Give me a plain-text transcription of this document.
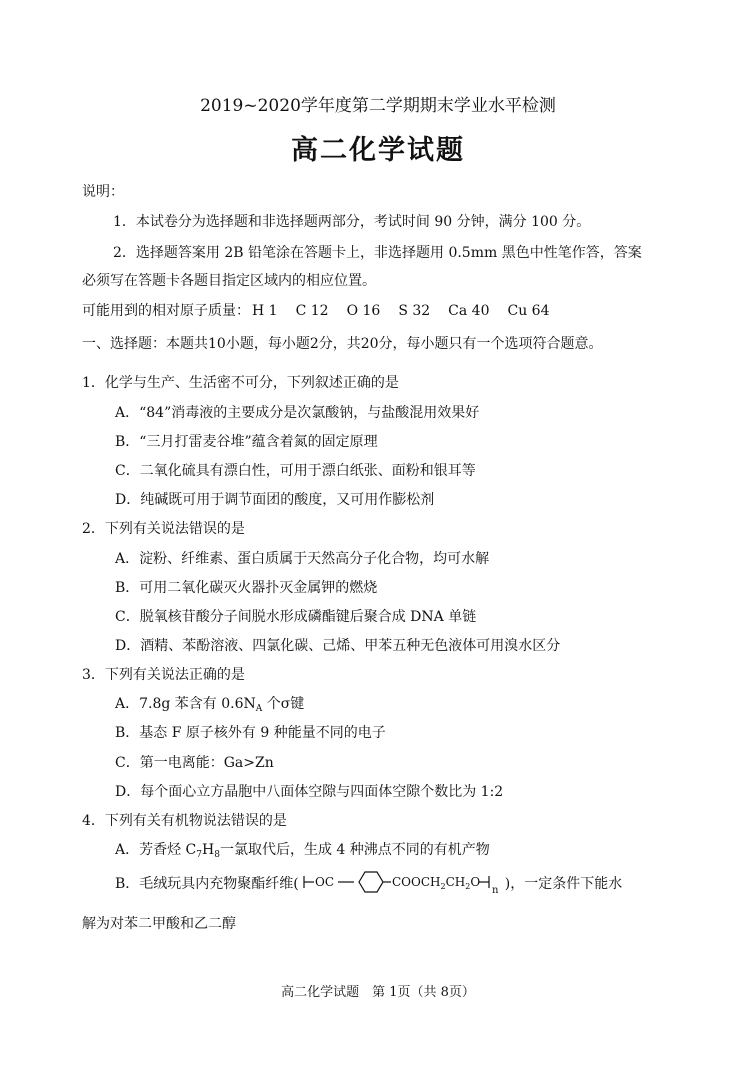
2019~2020学年度第二学期期末学业水平检测
高二化学试题
说明：
1．本试卷分为选择题和非选择题两部分，考试时间 90 分钟，满分 100 分。
2．选择题答案用 2B 铅笔涂在答题卡上，非选择题用 0.5mm 黑色中性笔作答，答案
必须写在答题卡各题目指定区域内的相应位置。
可能用到的相对原子质量： H 1 C 12 O 16 S 32 Ca 40 Cu 64
一、选择题：本题共10小题，每小题2分，共20分，每小题只有一个选项符合题意。
1．化学与生产、生活密不可分，下列叙述正确的是
A．“84”消毒液的主要成分是次氯酸钠，与盐酸混用效果好
B．“三月打雷麦谷堆”蕴含着氮的固定原理
C．二氧化硫具有漂白性，可用于漂白纸张、面粉和银耳等
D．纯碱既可用于调节面团的酸度，又可用作膨松剂
2．下列有关说法错误的是
A．淀粉、纤维素、蛋白质属于天然高分子化合物，均可水解
B．可用二氧化碳灭火器扑灭金属钾的燃烧
C．脱氧核苷酸分子间脱水形成磷酯键后聚合成 DNA 单链
D．酒精、苯酚溶液、四氯化碳、己烯、甲苯五种无色液体可用溴水区分
3．下列有关说法正确的是
A．7.8g 苯含有 $0.6N_A$ 个σ键
B．基态 F 原子核外有 9 种能量不同的电子
C．第一电离能：Ga>Zn
D．每个面心立方晶胞中八面体空隙与四面体空隙个数比为 1:2
4．下列有关有机物说法错误的是
A．芳香烃 $C_7H_8$一氯取代后，生成 4 种沸点不同的有机产物
B．毛绒玩具内充物聚酯纤维( OC	$COOCH_2CH_2O$
n )，一定条件下能水
解为对苯二甲酸和乙二醇
高二化学试题　第 1页（共 8页）
